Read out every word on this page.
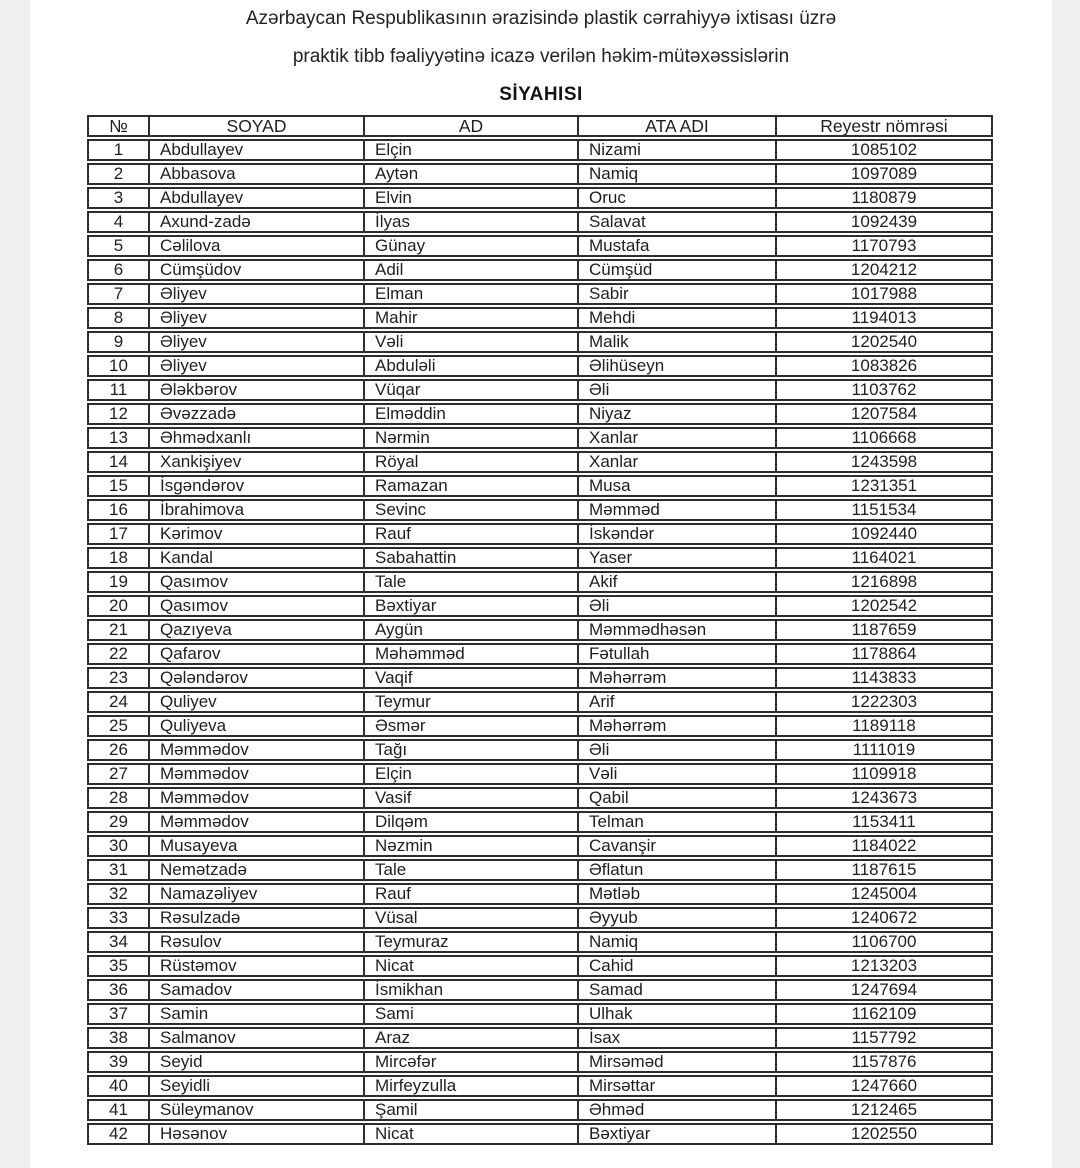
Azərbaycan Respublikasının ərazisində plastik cərrahiyyə ixtisası üzrə
praktik tibb fəaliyyətinə icazə verilən həkim-mütəxəssislərin
SİYAHISI
№	SOYAD	AD	ATA ADI	Reyestr nömrəsi
1	Abdullayev	Elçin	Nizami	1085102
2	Abbasova	Aytən	Namiq	1097089
3	Abdullayev	Elvin	Oruc	1180879
4	Axund-zadə	İlyas	Salavat	1092439
5	Cəlilova	Günay	Mustafa	1170793
6	Cümşüdov	Adil	Cümşüd	1204212
7	Əliyev	Elman	Sabir	1017988
8	Əliyev	Mahir	Mehdi	1194013
9	Əliyev	Vəli	Malik	1202540
10	Əliyev	Abduləli	Əlihüseyn	1083826
11	Ələkbərov	Vüqar	Əli	1103762
12	Əvəzzadə	Elməddin	Niyaz	1207584
13	Əhmədxanlı	Nərmin	Xanlar	1106668
14	Xankişiyev	Röyal	Xanlar	1243598
15	İsgəndərov	Ramazan	Musa	1231351
16	İbrahimova	Sevinc	Məmməd	1151534
17	Kərimov	Rauf	İskəndər	1092440
18	Kandal	Sabahattin	Yaser	1164021
19	Qasımov	Tale	Akif	1216898
20	Qasımov	Bəxtiyar	Əli	1202542
21	Qazıyeva	Aygün	Məmmədhəsən	1187659
22	Qafarov	Məhəmməd	Fətullah	1178864
23	Qələndərov	Vaqif	Məhərrəm	1143833
24	Quliyev	Teymur	Arif	1222303
25	Quliyeva	Əsmər	Məhərrəm	1189118
26	Məmmədov	Tağı	Əli	1111019
27	Məmmədov	Elçin	Vəli	1109918
28	Məmmədov	Vasif	Qabil	1243673
29	Məmmədov	Dilqəm	Telman	1153411
30	Musayeva	Nəzmin	Cavanşir	1184022
31	Nemətzadə	Tale	Əflatun	1187615
32	Namazəliyev	Rauf	Mətləb	1245004
33	Rəsulzadə	Vüsal	Əyyub	1240672
34	Rəsulov	Teymuraz	Namiq	1106700
35	Rüstəmov	Nicat	Cahid	1213203
36	Samadov	İsmikhan	Samad	1247694
37	Samin	Sami	Ulhak	1162109
38	Salmanov	Araz	İsax	1157792
39	Seyid	Mircəfər	Mirsəməd	1157876
40	Seyidli	Mirfeyzulla	Mirsəttar	1247660
41	Süleymanov	Şamil	Əhməd	1212465
42	Həsənov	Nicat	Bəxtiyar	1202550
